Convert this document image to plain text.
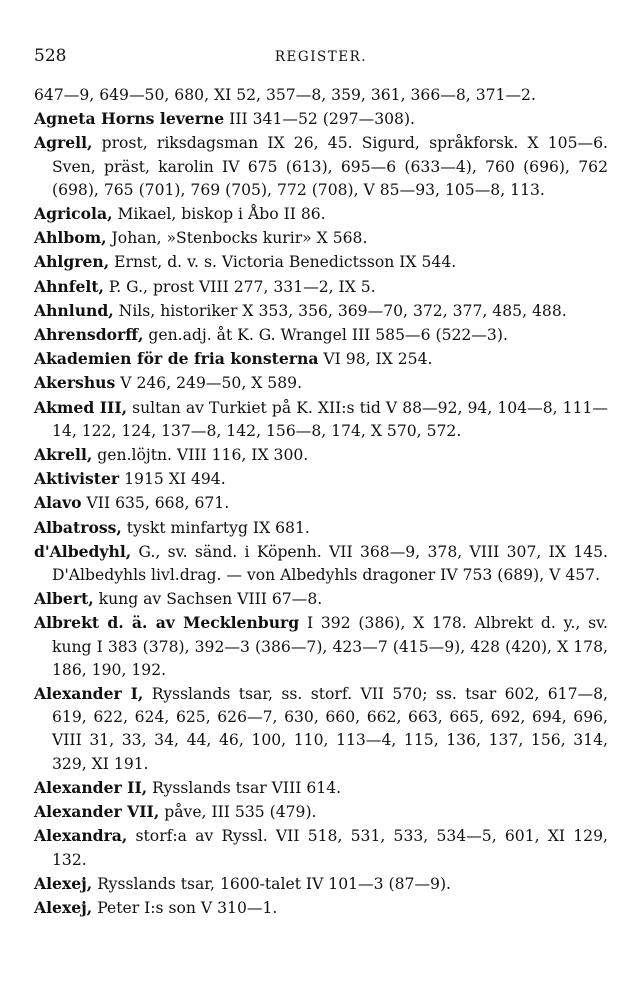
528	REGISTER.

647—9, 649—50, 680, XI 52, 357—8, 359, 361, 366—8, 371—2.

Agneta Horns leverne III 341—52 (297—308).

Agrell, prost, riksdagsman IX 26, 45. Sigurd, språkforsk. X 105—6. Sven, präst, karolin IV 675 (613), 695—6 (633—4), 760 (696), 762 (698), 765 (701), 769 (705), 772 (708), V 85—93, 105—8, 113.

Agricola, Mikael, biskop i Åbo II 86.

Ahlbom, Johan, »Stenbocks kurir» X 568.

Ahlgren, Ernst, d. v. s. Victoria Benedictsson IX 544.

Ahnfelt, P. G., prost VIII 277, 331—2, IX 5.

Ahnlund, Nils, historiker X 353, 356, 369—70, 372, 377, 485, 488.

Ahrensdorff, gen.adj. åt K. G. Wrangel III 585—6 (522—3).

Akademien för de fria konsterna VI 98, IX 254.

Akershus V 246, 249—50, X 589.

Akmed III, sultan av Turkiet på K. XII:s tid V 88—92, 94, 104—8, 111—14, 122, 124, 137—8, 142, 156—8, 174, X 570, 572.

Akrell, gen.löjtn. VIII 116, IX 300.

Aktivister 1915 XI 494.

Alavo VII 635, 668, 671.

Albatross, tyskt minfartyg IX 681.

d'Albedyhl, G., sv. sänd. i Köpenh. VII 368—9, 378, VIII 307, IX 145. D'Albedyhls livl.drag. — von Albedyhls dragoner IV 753 (689), V 457.

Albert, kung av Sachsen VIII 67—8.

Albrekt d. ä. av Mecklenburg I 392 (386), X 178. Albrekt d. y., sv. kung I 383 (378), 392—3 (386—7), 423—7 (415—9), 428 (420), X 178, 186, 190, 192.

Alexander I, Rysslands tsar, ss. storf. VII 570; ss. tsar 602, 617—8, 619, 622, 624, 625, 626—7, 630, 660, 662, 663, 665, 692, 694, 696, VIII 31, 33, 34, 44, 46, 100, 110, 113—4, 115, 136, 137, 156, 314, 329, XI 191.

Alexander II, Rysslands tsar VIII 614.

Alexander VII, påve, III 535 (479).

Alexandra, storf:a av Ryssl. VII 518, 531, 533, 534—5, 601, XI 129, 132.

Alexej, Rysslands tsar, 1600-talet IV 101—3 (87—9).

Alexej, Peter I:s son V 310—1.
